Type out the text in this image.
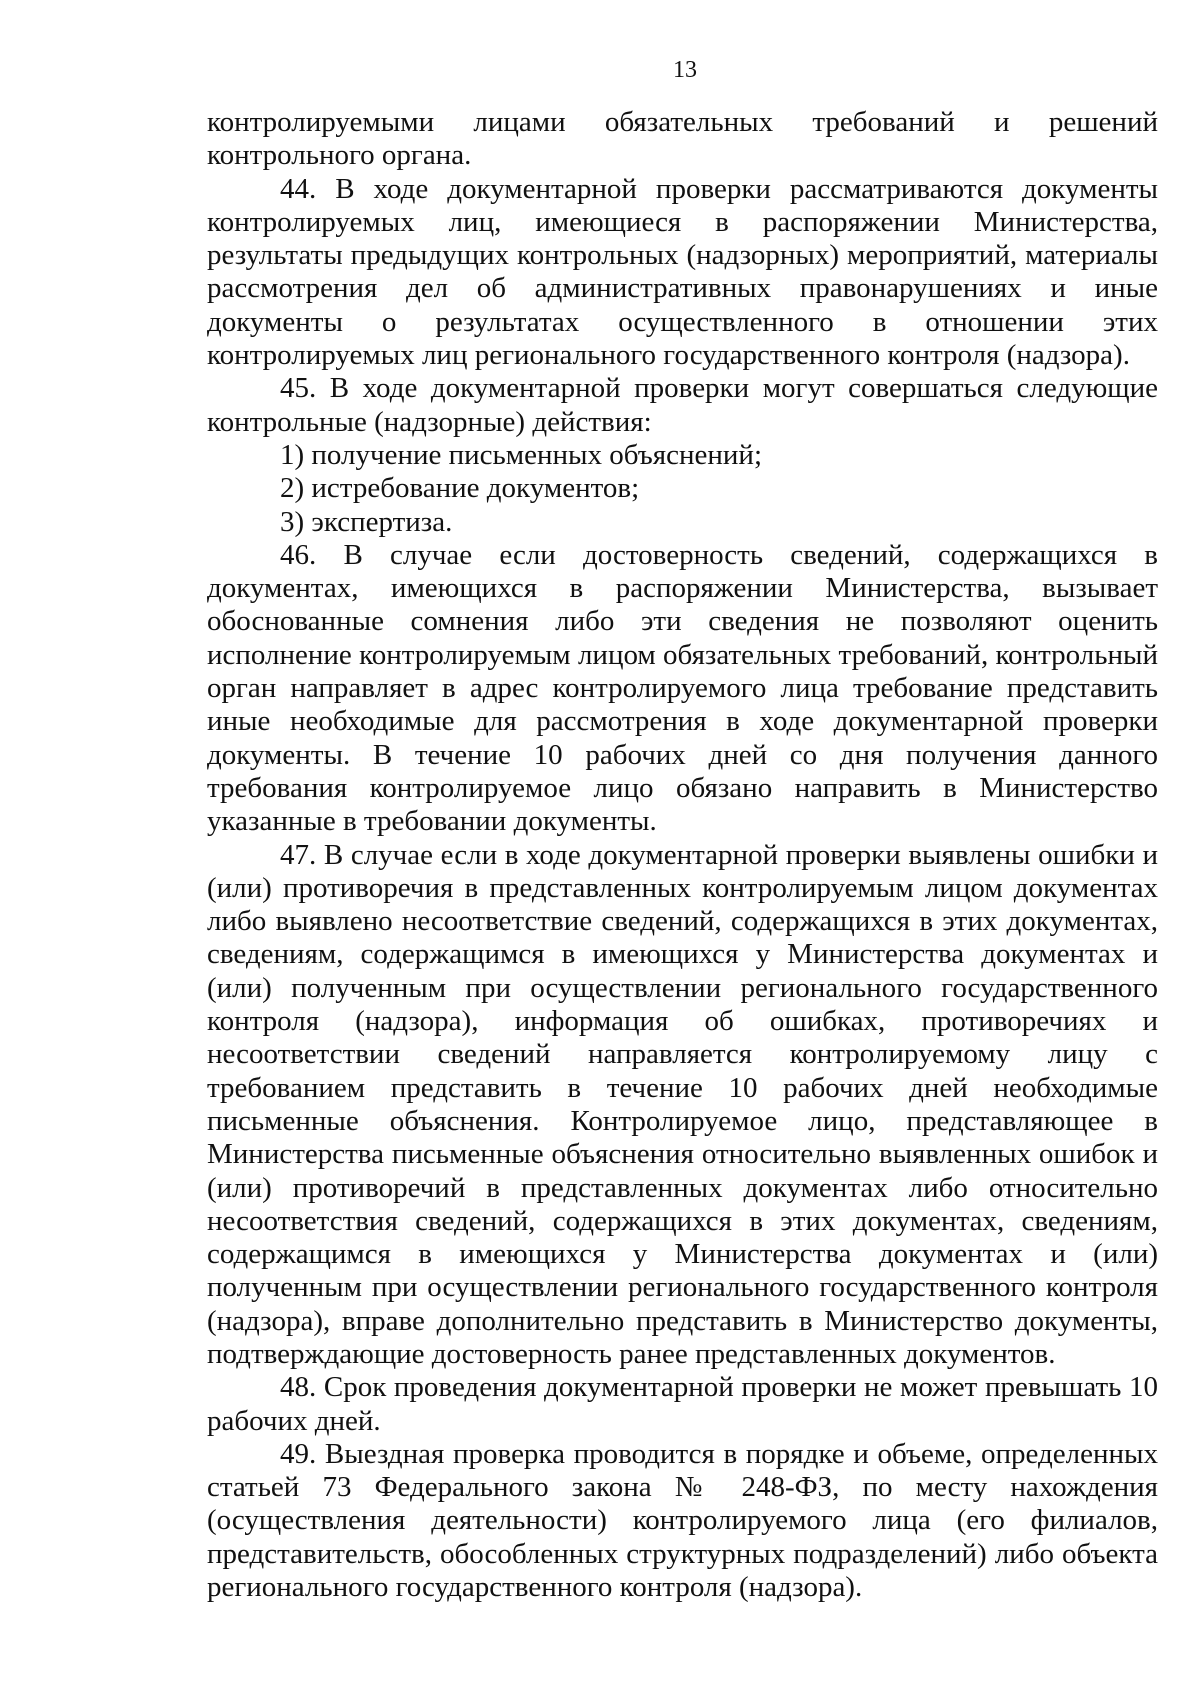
13

контролируемыми лицами обязательных требований и решений контрольного органа.

44. В ходе документарной проверки рассматриваются документы контролируемых лиц, имеющиеся в распоряжении Министерства, результаты предыдущих контрольных (надзорных) мероприятий, материалы рассмотрения дел об административных правонарушениях и иные документы о результатах осуществленного в отношении этих контролируемых лиц регионального государственного контроля (надзора).

45. В ходе документарной проверки могут совершаться следующие контрольные (надзорные) действия:

1) получение письменных объяснений;

2) истребование документов;

3) экспертиза.

46. В случае если достоверность сведений, содержащихся в документах, имеющихся в распоряжении Министерства, вызывает обоснованные сомнения либо эти сведения не позволяют оценить исполнение контролируемым лицом обязательных требований, контрольный орган направляет в адрес контролируемого лица требование представить иные необходимые для рассмотрения в ходе документарной проверки документы. В течение 10 рабочих дней со дня получения данного требования контролируемое лицо обязано направить в Министерство указанные в требовании документы.

47. В случае если в ходе документарной проверки выявлены ошибки и (или) противоречия в представленных контролируемым лицом документах либо выявлено несоответствие сведений, содержащихся в этих документах, сведениям, содержащимся в имеющихся у Министерства документах и (или) полученным при осуществлении регионального государственного контроля (надзора), информация об ошибках, противоречиях и несоответствии сведений направляется контролируемому лицу с требованием представить в течение 10 рабочих дней необходимые письменные объяснения. Контролируемое лицо, представляющее в Министерства письменные объяснения относительно выявленных ошибок и (или) противоречий в представленных документах либо относительно несоответствия сведений, содержащихся в этих документах, сведениям, содержащимся в имеющихся у Министерства документах и (или) полученным при осуществлении регионального государственного контроля (надзора), вправе дополнительно представить в Министерство документы, подтверждающие достоверность ранее представленных документов.

48. Срок проведения документарной проверки не может превышать 10 рабочих дней.

49. Выездная проверка проводится в порядке и объеме, определенных статьей 73 Федерального закона № 248-ФЗ, по месту нахождения (осуществления деятельности) контролируемого лица (его филиалов, представительств, обособленных структурных подразделений) либо объекта регионального государственного контроля (надзора).
